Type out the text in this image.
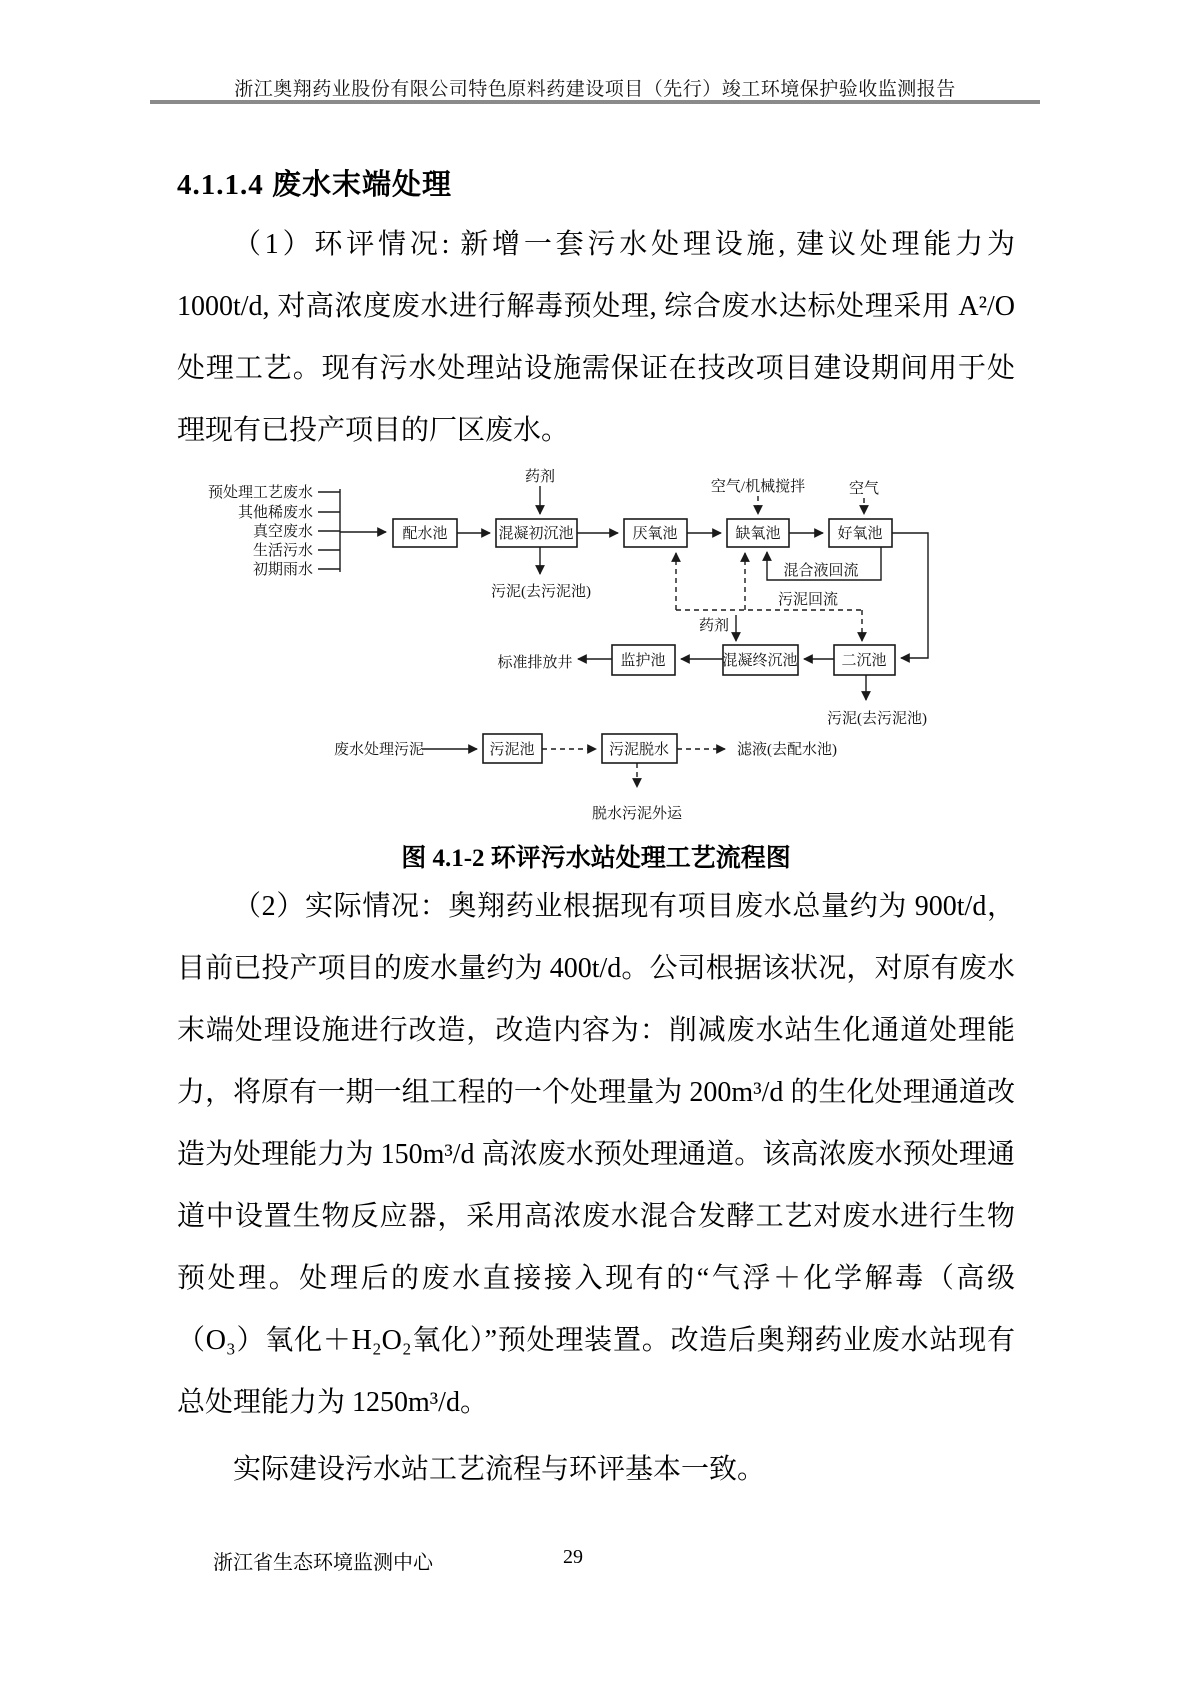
浙江奥翔药业股份有限公司特色原料药建设项目（先行）竣工环境保护验收监测报告
4.1.1.4 废水末端处理

（1）环评情况: 新增一套污水处理设施, 建议处理能力为 1000t/d, 对高浓度废水进行解毒预处理, 综合废水达标处理采用 A²/O 处理工艺。现有污水处理站设施需保证在技改项目建设期间用于处理现有已投产项目的厂区废水。

预处理工艺废水
其他稀废水
真空废水
生活污水
初期雨水
药剂
空气/机械搅拌	空气
配水池	混凝初沉池	厌氧池	缺氧池	好氧池
污泥(去污泥池)
混合液回流
污泥回流
药剂
监护池	混凝终沉池	二沉池
标准排放井
污泥(去污泥池)
废水处理污泥	污泥池	污泥脱水	滤液(去配水池)
脱水污泥外运
图 4.1-2 环评污水站处理工艺流程图

（2）实际情况：奥翔药业根据现有项目废水总量约为 900t/d，目前已投产项目的废水量约为 400t/d。公司根据该状况，对原有废水末端处理设施进行改造，改造内容为：削减废水站生化通道处理能力，将原有一期一组工程的一个处理量为 200m³/d 的生化处理通道改造为处理能力为 150m³/d 高浓废水预处理通道。该高浓废水预处理通道中设置生物反应器，采用高浓废水混合发酵工艺对废水进行生物预处理。处理后的废水直接接入现有的“气浮＋化学解毒（高级（O₃）氧化＋H₂O₂氧化）”预处理装置。改造后奥翔药业废水站现有总处理能力为 1250m³/d。

实际建设污水站工艺流程与环评基本一致。

浙江省生态环境监测中心	29
